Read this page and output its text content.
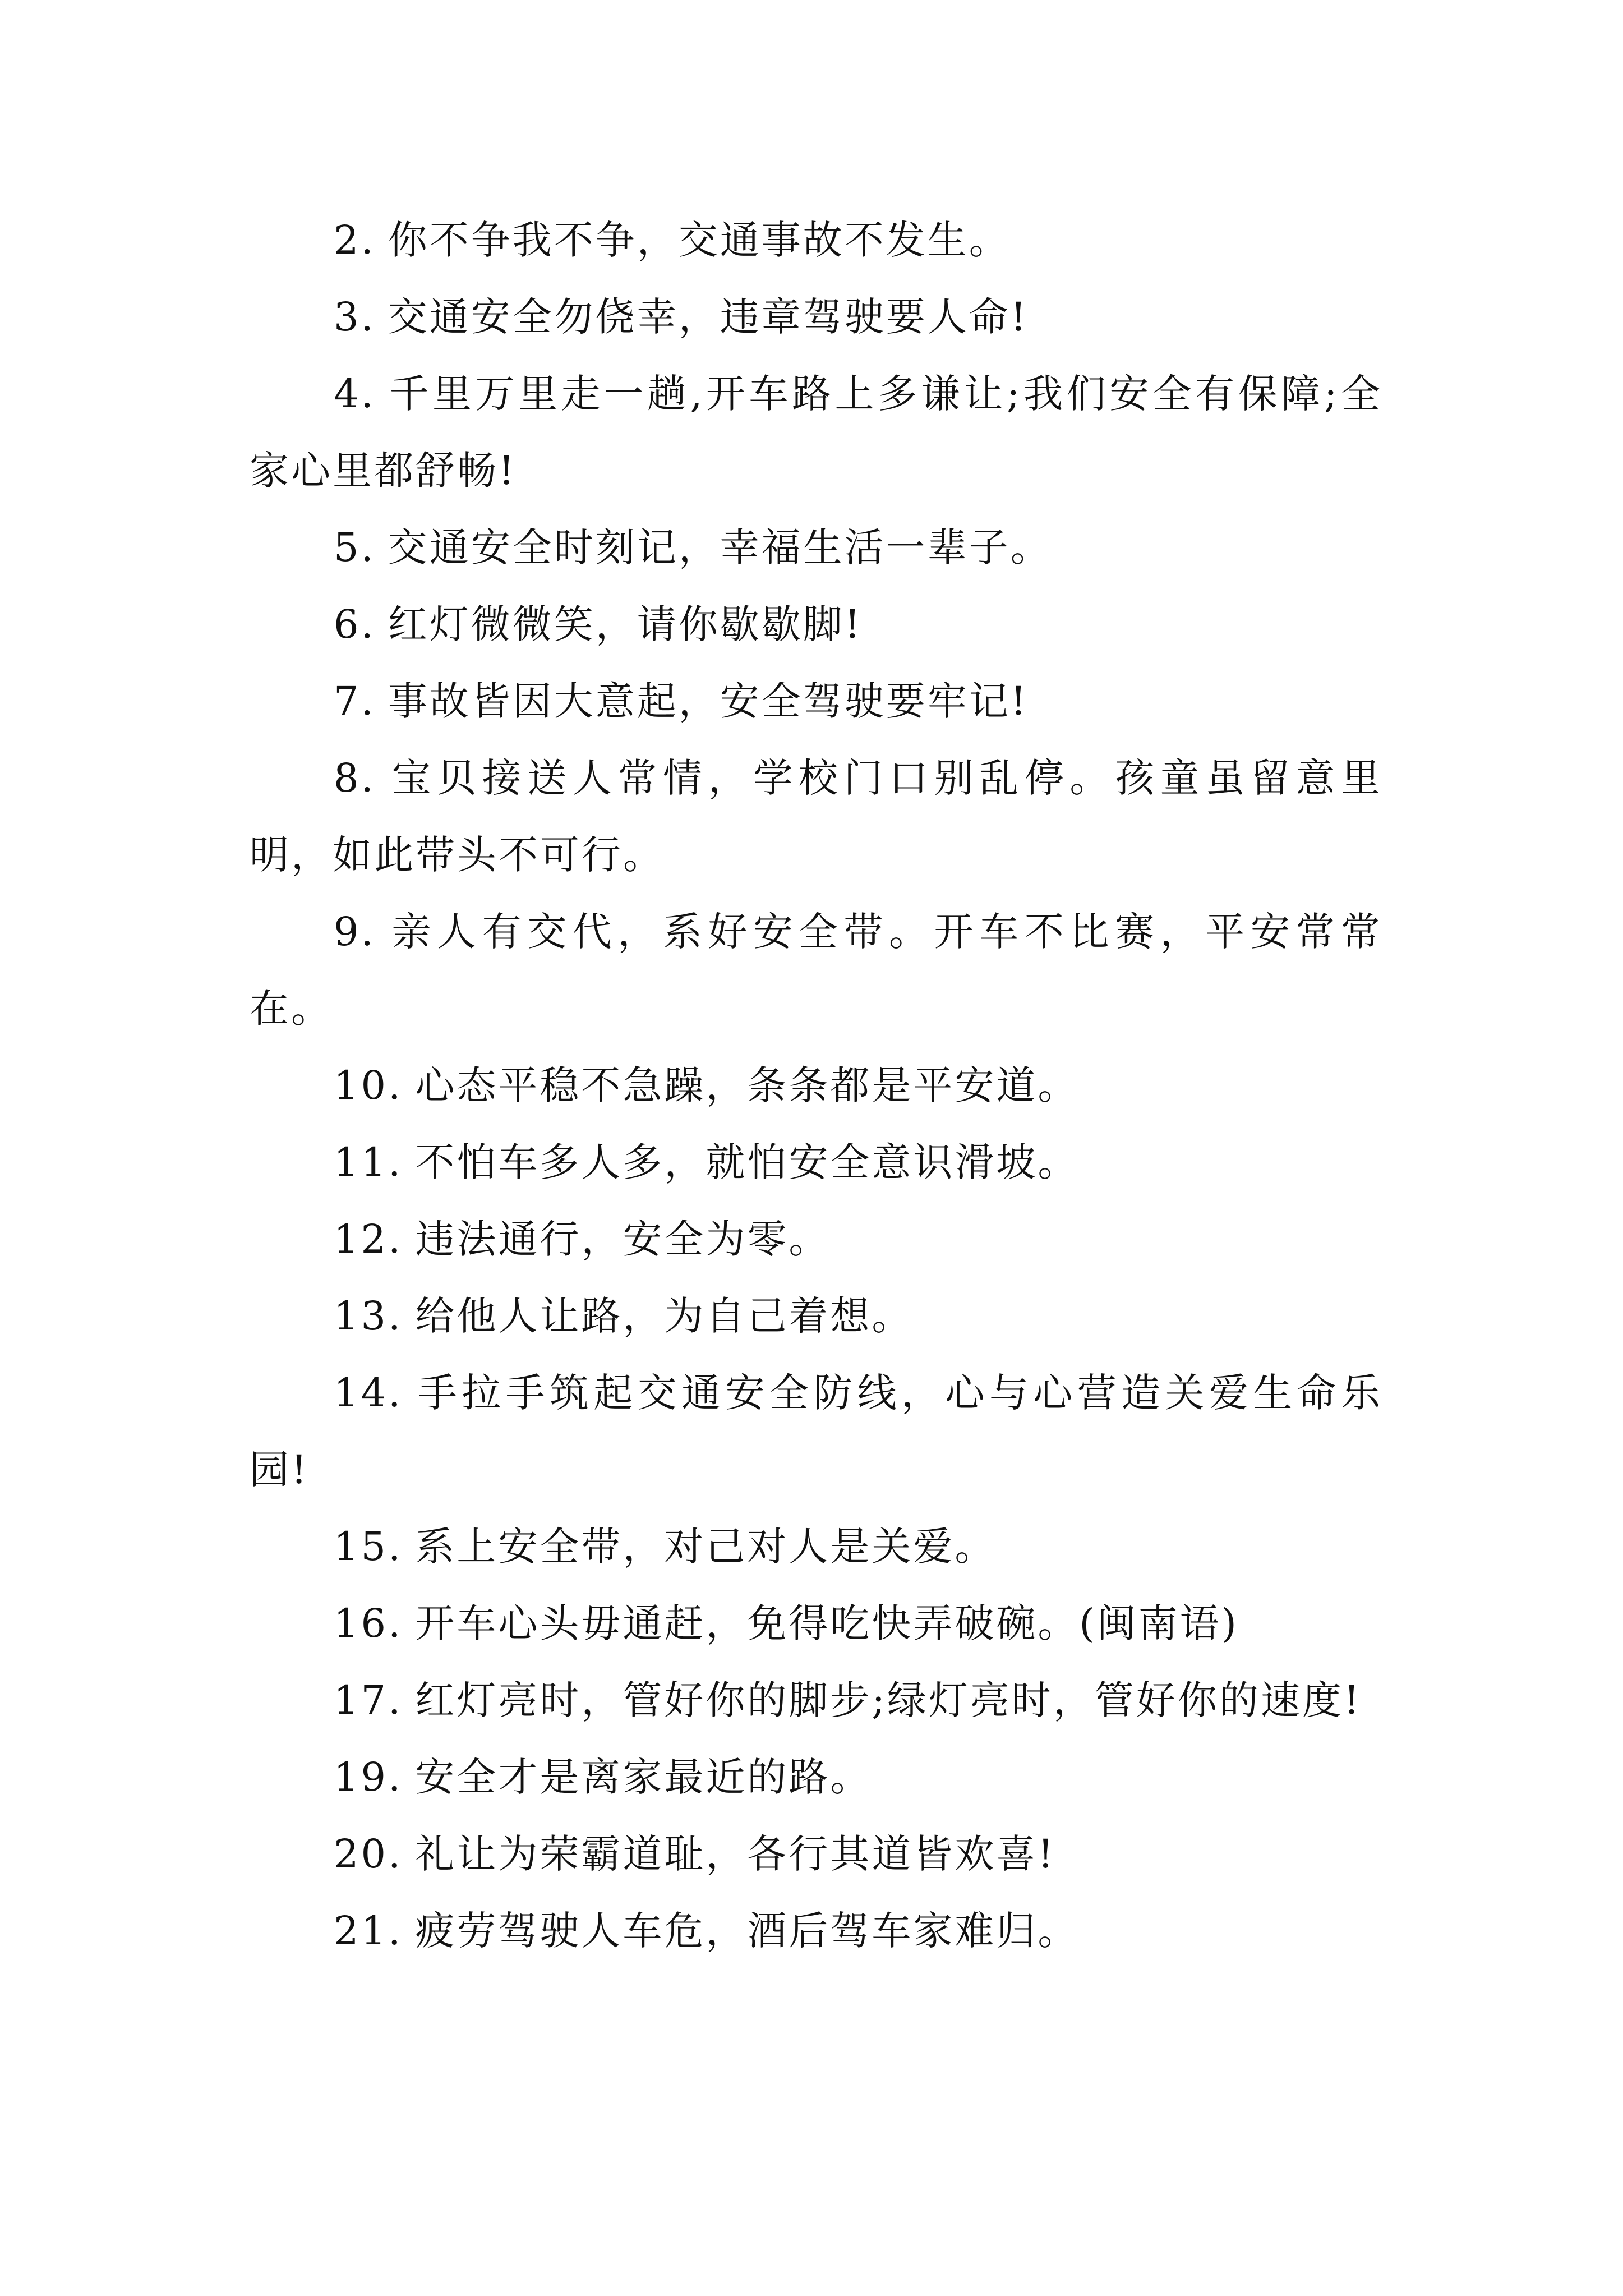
2. 你不争我不争，交通事故不发生。

3. 交通安全勿侥幸，违章驾驶要人命!

4. 千里万里走一趟,开车路上多谦让;我们安全有保障;全家心里都舒畅!

5. 交通安全时刻记，幸福生活一辈子。

6. 红灯微微笑，请你歇歇脚!

7. 事故皆因大意起，安全驾驶要牢记!

8. 宝贝接送人常情，学校门口别乱停。孩童虽留意里明，如此带头不可行。

9. 亲人有交代，系好安全带。开车不比赛，平安常常在。

10. 心态平稳不急躁，条条都是平安道。

11. 不怕车多人多，就怕安全意识滑坡。

12. 违法通行，安全为零。

13. 给他人让路，为自己着想。

14. 手拉手筑起交通安全防线，心与心营造关爱生命乐园!

15. 系上安全带，对己对人是关爱。

16. 开车心头毋通赶，免得吃快弄破碗。(闽南语)

17. 红灯亮时，管好你的脚步;绿灯亮时，管好你的速度!

19. 安全才是离家最近的路。

20. 礼让为荣霸道耻，各行其道皆欢喜!

21. 疲劳驾驶人车危，酒后驾车家难归。
